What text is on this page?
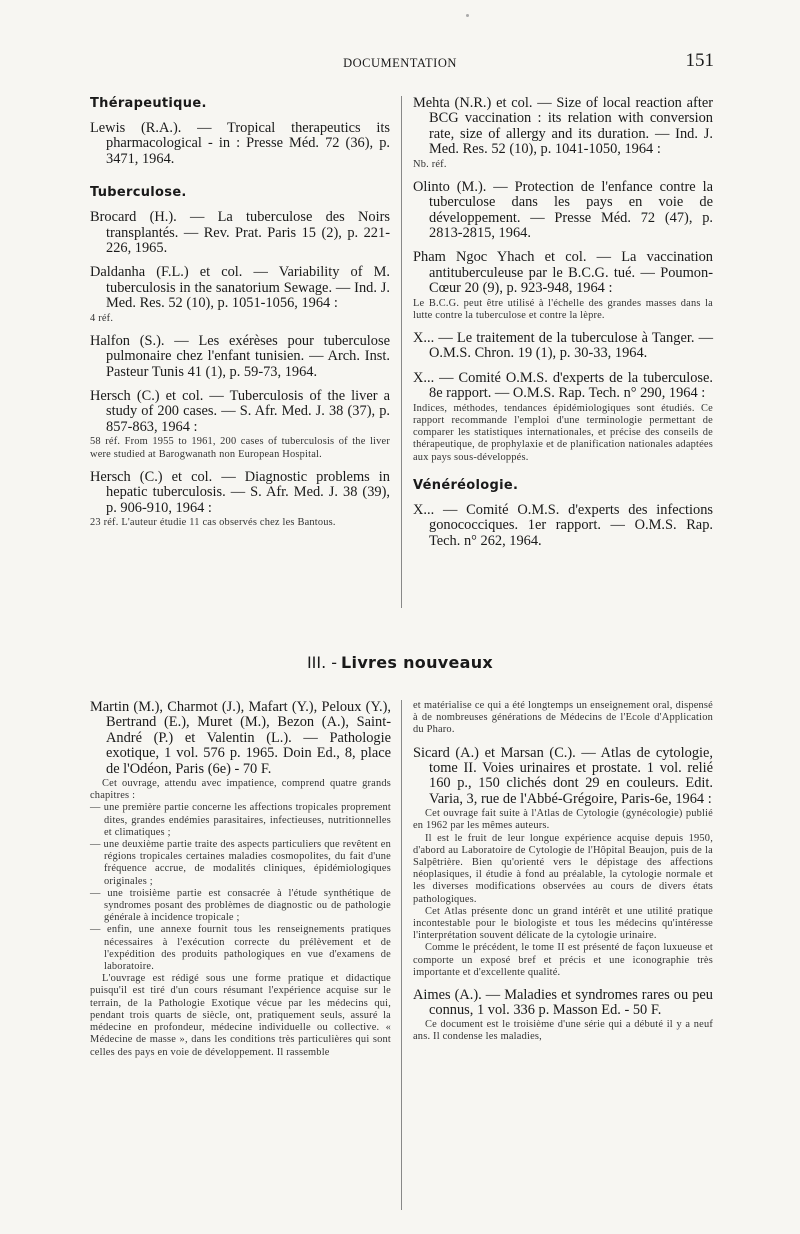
DOCUMENTATION	151
Thérapeutique.

Lewis (R.A.). — Tropical therapeutics its pharmacological - in : Presse Méd. 72 (36), p. 3471, 1964.

Tuberculose.

Brocard (H.). — La tuberculose des Noirs transplantés. — Rev. Prat. Paris 15 (2), p. 221-226, 1965.

Daldanha (F.L.) et col. — Variability of M. tuberculosis in the sanatorium Sewage. — Ind. J. Med. Res. 52 (10), p. 1051-1056, 1964 :

4 réf.

Halfon (S.). — Les exérèses pour tuberculose pulmonaire chez l'enfant tunisien. — Arch. Inst. Pasteur Tunis 41 (1), p. 59-73, 1964.

Hersch (C.) et col. — Tuberculosis of the liver a study of 200 cases. — S. Afr. Med. J. 38 (37), p. 857-863, 1964 :

58 réf. From 1955 to 1961, 200 cases of tuberculosis of the liver were studied at Barogwanath non European Hospital.

Hersch (C.) et col. — Diagnostic problems in hepatic tuberculosis. — S. Afr. Med. J. 38 (39), p. 906-910, 1964 :

23 réf. L'auteur étudie 11 cas observés chez les Bantous.

Mehta (N.R.) et col. — Size of local reaction after BCG vaccination : its relation with conversion rate, size of allergy and its duration. — Ind. J. Med. Res. 52 (10), p. 1041-1050, 1964 :

Nb. réf.

Olinto (M.). — Protection de l'enfance contre la tuberculose dans les pays en voie de développement. — Presse Méd. 72 (47), p. 2813-2815, 1964.

Pham Ngoc Yhach et col. — La vaccination antituberculeuse par le B.C.G. tué. — Poumon-Cœur 20 (9), p. 923-948, 1964 :

Le B.C.G. peut être utilisé à l'échelle des grandes masses dans la lutte contre la tuberculose et contre la lèpre.

X... — Le traitement de la tuberculose à Tanger. — O.M.S. Chron. 19 (1), p. 30-33, 1964.

X... — Comité O.M.S. d'experts de la tuberculose. 8e rapport. — O.M.S. Rap. Tech. n° 290, 1964 :

Indices, méthodes, tendances épidémiologiques sont étudiés. Ce rapport recommande l'emploi d'une terminologie permettant de comparer les statistiques internationales, et précise des conseils de thérapeutique, de prophylaxie et de planification nationales adaptées aux pays sous-développés.

Vénéréologie.

X... — Comité O.M.S. d'experts des infections gonococciques. 1er rapport. — O.M.S. Rap. Tech. n° 262, 1964.

III. - Livres nouveaux

Martin (M.), Charmot (J.), Mafart (Y.), Peloux (Y.), Bertrand (E.), Muret (M.), Bezon (A.), Saint-André (P.) et Valentin (L.). — Pathologie exotique, 1 vol. 576 p. 1965. Doin Ed., 8, place de l'Odéon, Paris (6e) - 70 F.

Cet ouvrage, attendu avec impatience, comprend quatre grands chapitres :

— une première partie concerne les affections tropicales proprement dites, grandes endémies parasitaires, infectieuses, nutritionnelles et climatiques ;

— une deuxième partie traite des aspects particuliers que revêtent en régions tropicales certaines maladies cosmopolites, du fait d'une fréquence accrue, de modalités cliniques, épidémiologiques originales ;

— une troisième partie est consacrée à l'étude synthétique de syndromes posant des problèmes de diagnostic ou de pathologie générale à incidence tropicale ;

— enfin, une annexe fournit tous les renseignements pratiques nécessaires à l'exécution correcte du prélèvement et de l'expédition des produits pathologiques en vue d'examens de laboratoire.

L'ouvrage est rédigé sous une forme pratique et didactique puisqu'il est tiré d'un cours résumant l'expérience acquise sur le terrain, de la Pathologie Exotique vécue par les médecins qui, pendant trois quarts de siècle, ont, pratiquement seuls, assuré la médecine en profondeur, médecine individuelle ou collective. « Médecine de masse », dans les conditions très particulières qui sont celles des pays en voie de développement. Il rassemble

et matérialise ce qui a été longtemps un enseignement oral, dispensé à de nombreuses générations de Médecins de l'Ecole d'Application du Pharo.

Sicard (A.) et Marsan (C.). — Atlas de cytologie, tome II. Voies urinaires et prostate. 1 vol. relié 160 p., 150 clichés dont 29 en couleurs. Edit. Varia, 3, rue de l'Abbé-Grégoire, Paris-6e, 1964 :

Cet ouvrage fait suite à l'Atlas de Cytologie (gynécologie) publié en 1962 par les mêmes auteurs.

Il est le fruit de leur longue expérience acquise depuis 1950, d'abord au Laboratoire de Cytologie de l'Hôpital Beaujon, puis de la Salpêtrière. Bien qu'orienté vers le dépistage des affections néoplasiques, il étudie à fond au préalable, la cytologie normale et les diverses modifications observées au cours de divers états pathologiques.

Cet Atlas présente donc un grand intérêt et une utilité pratique incontestable pour le biologiste et tous les médecins qu'intéresse l'interprétation souvent délicate de la cytologie urinaire.

Comme le précédent, le tome II est présenté de façon luxueuse et comporte un exposé bref et précis et une iconographie très importante et d'excellente qualité.

Aimes (A.). — Maladies et syndromes rares ou peu connus, 1 vol. 336 p. Masson Ed. - 50 F.

Ce document est le troisième d'une série qui a débuté il y a neuf ans. Il condense les maladies,
